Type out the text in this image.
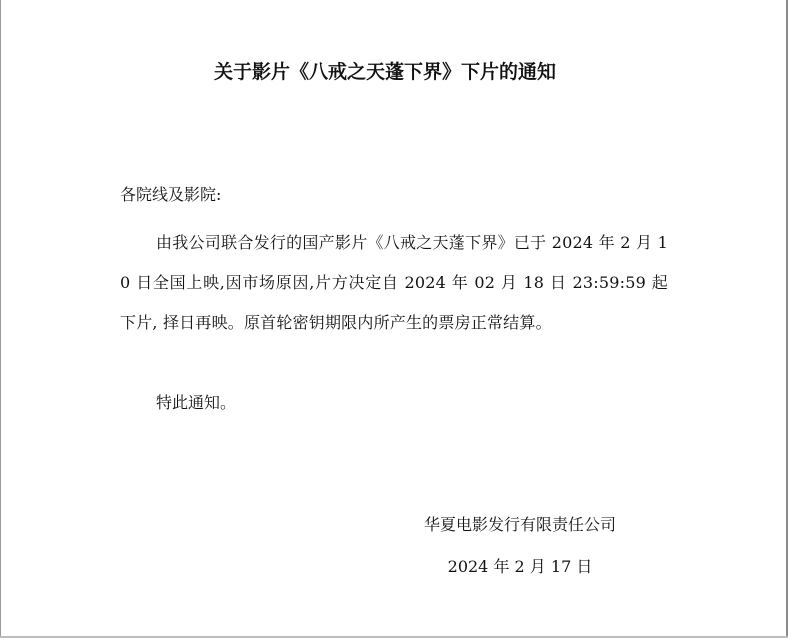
关于影片《八戒之天蓬下界》下片的通知
各院线及影院:
由我公司联合发行的国产影片《八戒之天蓬下界》已于 2024 年 2 月 10 日全国上映,因市场原因,片方决定自 2024 年 02 月 18 日 23:59:59 起下片, 择日再映。原首轮密钥期限内所产生的票房正常结算。
特此通知。
华夏电影发行有限责任公司
2024 年 2 月 17 日
